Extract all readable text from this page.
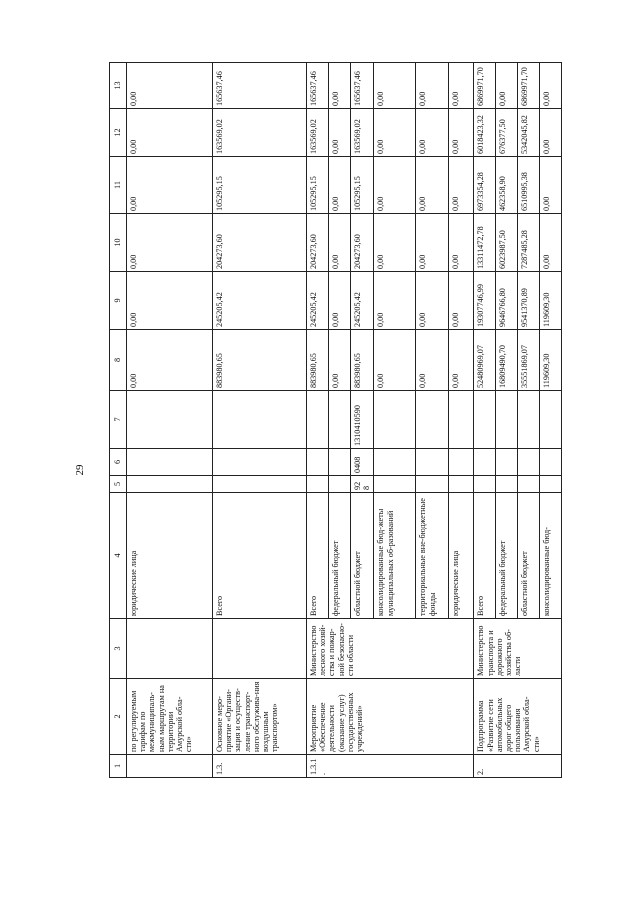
29
1	2	3	4	5	6	7	8	9	10	11	12	13
	по регулируемым тарифам по межмуниципаль-ным маршрутам на территории Амурской обла-сти»		юридические лица				0,00	0,00	0,00	0,00	0,00	0,00
1.3.	Основное меро-приятие «Органи-зация и осуществ-ление транспорт-ного обслужива-ния воздушным транспортом»		Всего				883980,65	245205,42	204273,60	105295,15	163569,02	165637,46
1.3.1.	Мероприятие «Обеспечение деятельности (оказание услуг) государственных учреждений»	Министерство лесного хозяй-ства и пожар-ной безопасно-сти области	Всего				883980,65	245205,42	204273,60	105295,15	163569,02	165637,46
			федеральный бюджет				0,00	0,00	0,00	0,00	0,00	0,00
			областной бюджет	928	0408	1310410590	883980,65	245205,42	204273,60	105295,15	163569,02	165637,46
			консолидированные бюд-жеты муниципальных об-разований				0,00	0,00	0,00	0,00	0,00	0,00
			территориальные вне-бюджетные фонды				0,00	0,00	0,00	0,00	0,00	0,00
			юридические лица				0,00	0,00	0,00	0,00	0,00	0,00
2.	Подпрограмма «Развитие сети автомобильных дорог общего пользования Амурской обла-сти»	Министерство транспорта и дорожного хозяйства об-ласти	Всего				52480969,07	19307746,99	13311472,78	6973354,28	6018423,32	6869971,70
			федеральный бюджет				16809490,70	9646766,80	6023987,50	462358,90	676377,50	0,00
			областной бюджет				35551869,07	9541370,89	7287485,28	6510995,38	5342045,82	6869971,70
			консолидированные бюд-				119609,30	119609,30	0,00	0,00	0,00	0,00
